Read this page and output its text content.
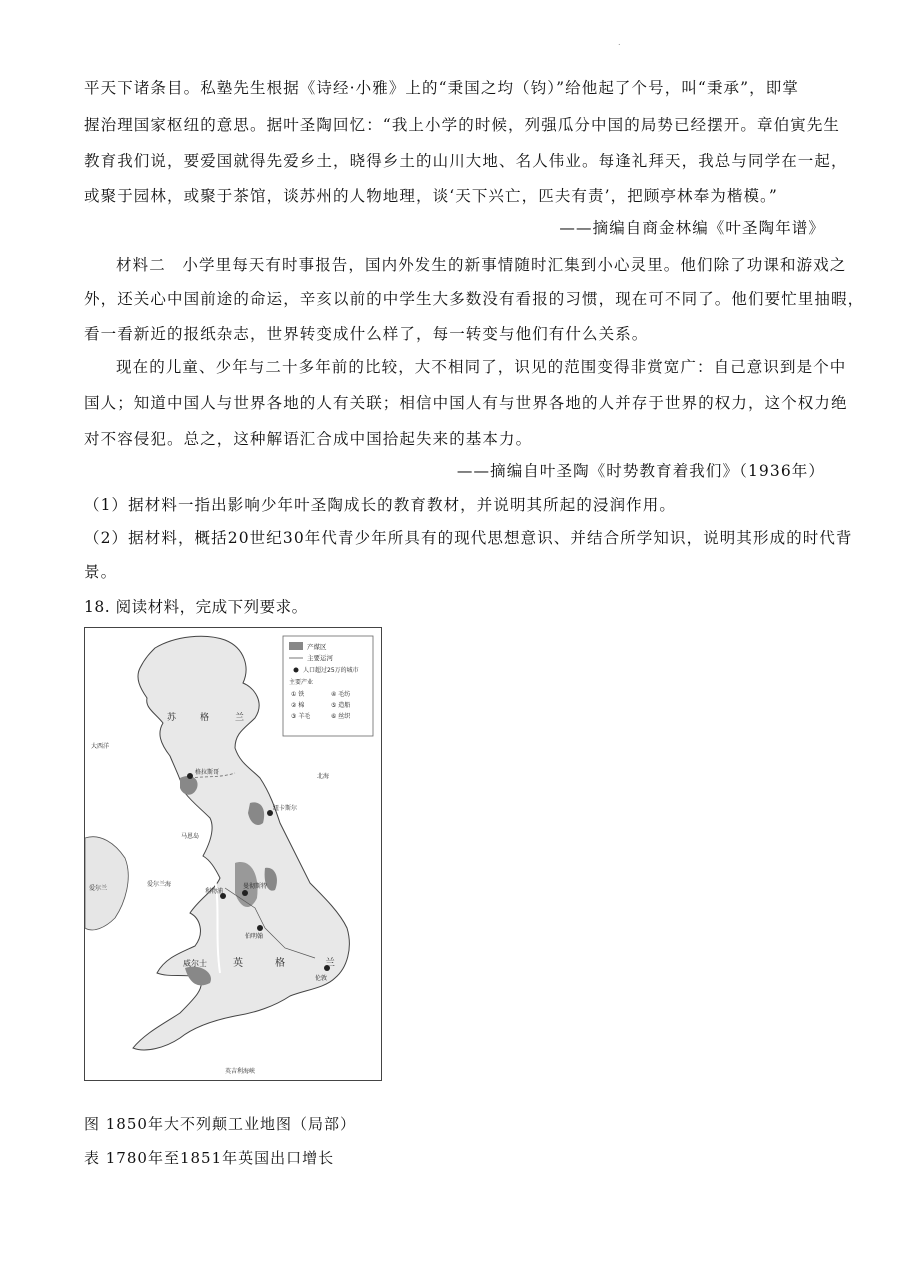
.
平天下诸条目。私塾先生根据《诗经·小雅》上的“秉国之均（钧）”给他起了个号，叫“秉承”，即掌
握治理国家枢纽的意思。据叶圣陶回忆：“我上小学的时候，列强瓜分中国的局势已经摆开。章伯寅先生
教育我们说，要爱国就得先爱乡土，晓得乡土的山川大地、名人伟业。每逢礼拜天，我总与同学在一起，
或聚于园林，或聚于茶馆，谈苏州的人物地理，谈‘天下兴亡，匹夫有责’，把顾亭林奉为楷模。”
——摘编自商金林编《叶圣陶年谱》
材料二　小学里每天有时事报告，国内外发生的新事情随时汇集到小心灵里。他们除了功课和游戏之
外，还关心中国前途的命运，辛亥以前的中学生大多数没有看报的习惯，现在可不同了。他们要忙里抽暇，
看一看新近的报纸杂志，世界转变成什么样了，每一转变与他们有什么关系。
现在的儿童、少年与二十多年前的比较，大不相同了，识见的范围变得非赏宽广：自己意识到是个中
国人；知道中国人与世界各地的人有关联；相信中国人有与世界各地的人并存于世界的权力，这个权力绝
对不容侵犯。总之，这种解语汇合成中国拾起失来的基本力。
——摘编自叶圣陶《时势教育着我们》（1936年）
（1）据材料一指出影响少年叶圣陶成长的教育教材，并说明其所起的浸润作用。
（2）据材料，概括20世纪30年代青少年所具有的现代思想意识、并结合所学知识，说明其形成的时代背
景。
18. 阅读材料，完成下列要求。
产煤区
主要运河
人口超过25万的城市
主要产业
① 铁	④ 毛纺
② 棉	⑤ 造船
③ 羊毛	⑥ 丝织
苏	格	兰
英	格	兰
威尔士
北海
爱尔兰
爱尔兰海
英吉利海峡
伦敦
利物浦
曼彻斯特
伯明翰
格拉斯哥
纽卡斯尔
大西洋
马恩岛
图 1850年大不列颠工业地图（局部）
表 1780年至1851年英国出口增长
